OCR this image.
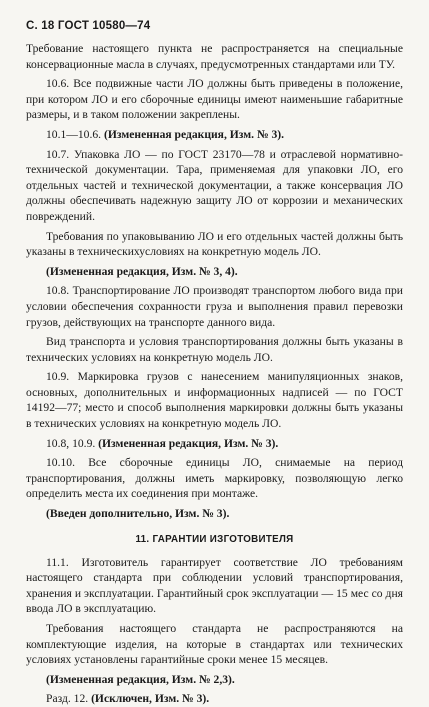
С. 18 ГОСТ 10580—74

Требование настоящего пункта не распространяется на специальные консервационные масла в случаях, предусмотренных стандартами или ТУ.

10.6. Все подвижные части ЛО должны быть приведены в положение, при котором ЛО и его сборочные единицы имеют наименьшие габаритные размеры, и в таком положении закреплены.

10.1—10.6. (Измененная редакция, Изм. № 3).

10.7. Упаковка ЛО — по ГОСТ 23170—78 и отраслевой нормативно-технической документации. Тара, применяемая для упаковки ЛО, его отдельных частей и технической документации, а также консервация ЛО должны обеспечивать надежную защиту ЛО от коррозии и механических повреждений.

Требования по упаковыванию ЛО и его отдельных частей должны быть указаны в техническихусловиях на конкретную модель ЛО.

(Измененная редакция, Изм. № 3, 4).

10.8. Транспортирование ЛО производят транспортом любого вида при условии обеспечения сохранности груза и выполнения правил перевозки грузов, действующих на транспорте данного вида.

Вид транспорта и условия транспортирования должны быть указаны в технических условиях на конкретную модель ЛО.

10.9. Маркировка грузов с нанесением манипуляционных знаков, основных, дополнительных и информационных надписей — по ГОСТ 14192—77; место и способ выполнения маркировки должны быть указаны в технических условиях на конкретную модель ЛО.

10.8, 10.9. (Измененная редакция, Изм. № 3).

10.10. Все сборочные единицы ЛО, снимаемые на период транспортирования, должны иметь маркировку, позволяющую легко определить места их соединения при монтаже.

(Введен дополнительно, Изм. № 3).

11. ГАРАНТИИ ИЗГОТОВИТЕЛЯ

11.1. Изготовитель гарантирует соответствие ЛО требованиям настоящего стандарта при соблюдении условий транспортирования, хранения и эксплуатации. Гарантийный срок эксплуатации — 15 мес со дня ввода ЛО в эксплуатацию.

Требования настоящего стандарта не распространяются на комплектующие изделия, на которые в стандартах или технических условиях установлены гарантийные сроки менее 15 месяцев.

(Измененная редакция, Изм. № 2,3).

Разд. 12. (Исключен, Изм. № 3).
